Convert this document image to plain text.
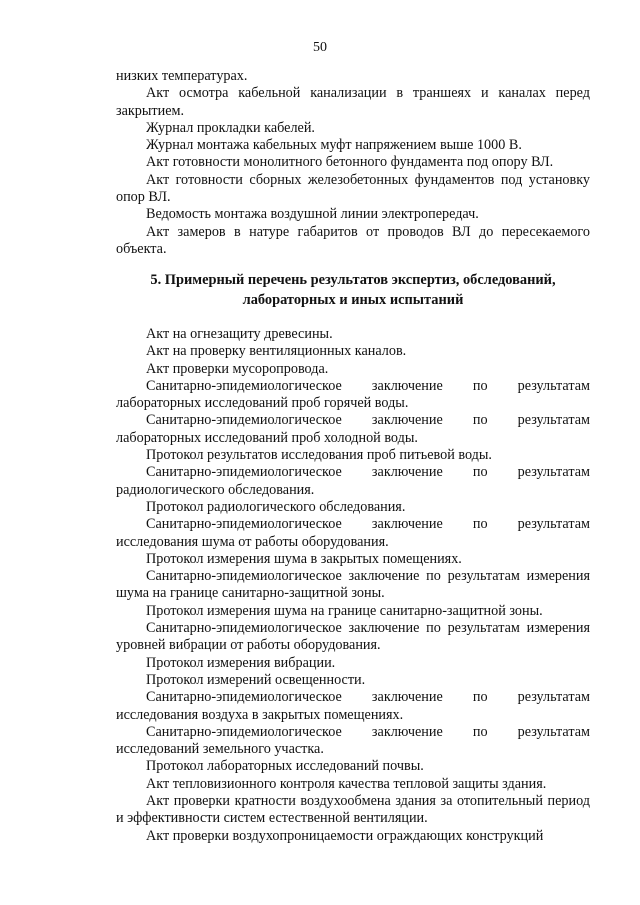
50

низких температурах.

Акт осмотра кабельной канализации в траншеях и каналах перед закрытием.

Журнал прокладки кабелей.

Журнал монтажа кабельных муфт напряжением выше 1000 В.

Акт готовности монолитного бетонного фундамента под опору ВЛ.

Акт готовности сборных железобетонных фундаментов под установку опор ВЛ.

Ведомость монтажа воздушной линии электропередач.

Акт замеров в натуре габаритов от проводов ВЛ до пересекаемого объекта.

5. Примерный перечень результатов экспертиз, обследований,
лабораторных и иных испытаний

Акт на огнезащиту древесины.

Акт на проверку вентиляционных каналов.

Акт проверки мусоропровода.

Санитарно-эпидемиологическое заключение по результатам лабораторных исследований проб горячей воды.

Санитарно-эпидемиологическое заключение по результатам лабораторных исследований проб холодной воды.

Протокол результатов исследования проб питьевой воды.

Санитарно-эпидемиологическое заключение по результатам радиологического обследования.

Протокол радиологического обследования.

Санитарно-эпидемиологическое заключение по результатам исследования шума от работы оборудования.

Протокол измерения шума в закрытых помещениях.

Санитарно-эпидемиологическое заключение по результатам измерения шума на границе санитарно-защитной зоны.

Протокол измерения шума на границе санитарно-защитной зоны.

Санитарно-эпидемиологическое заключение по результатам измерения уровней вибрации от работы оборудования.

Протокол измерения вибрации.

Протокол измерений освещенности.

Санитарно-эпидемиологическое заключение по результатам исследования воздуха в закрытых помещениях.

Санитарно-эпидемиологическое заключение по результатам исследований земельного участка.

Протокол лабораторных исследований почвы.

Акт тепловизионного контроля качества тепловой защиты здания.

Акт проверки кратности воздухообмена здания за отопительный период и эффективности систем естественной вентиляции.

Акт проверки воздухопроницаемости ограждающих конструкций
